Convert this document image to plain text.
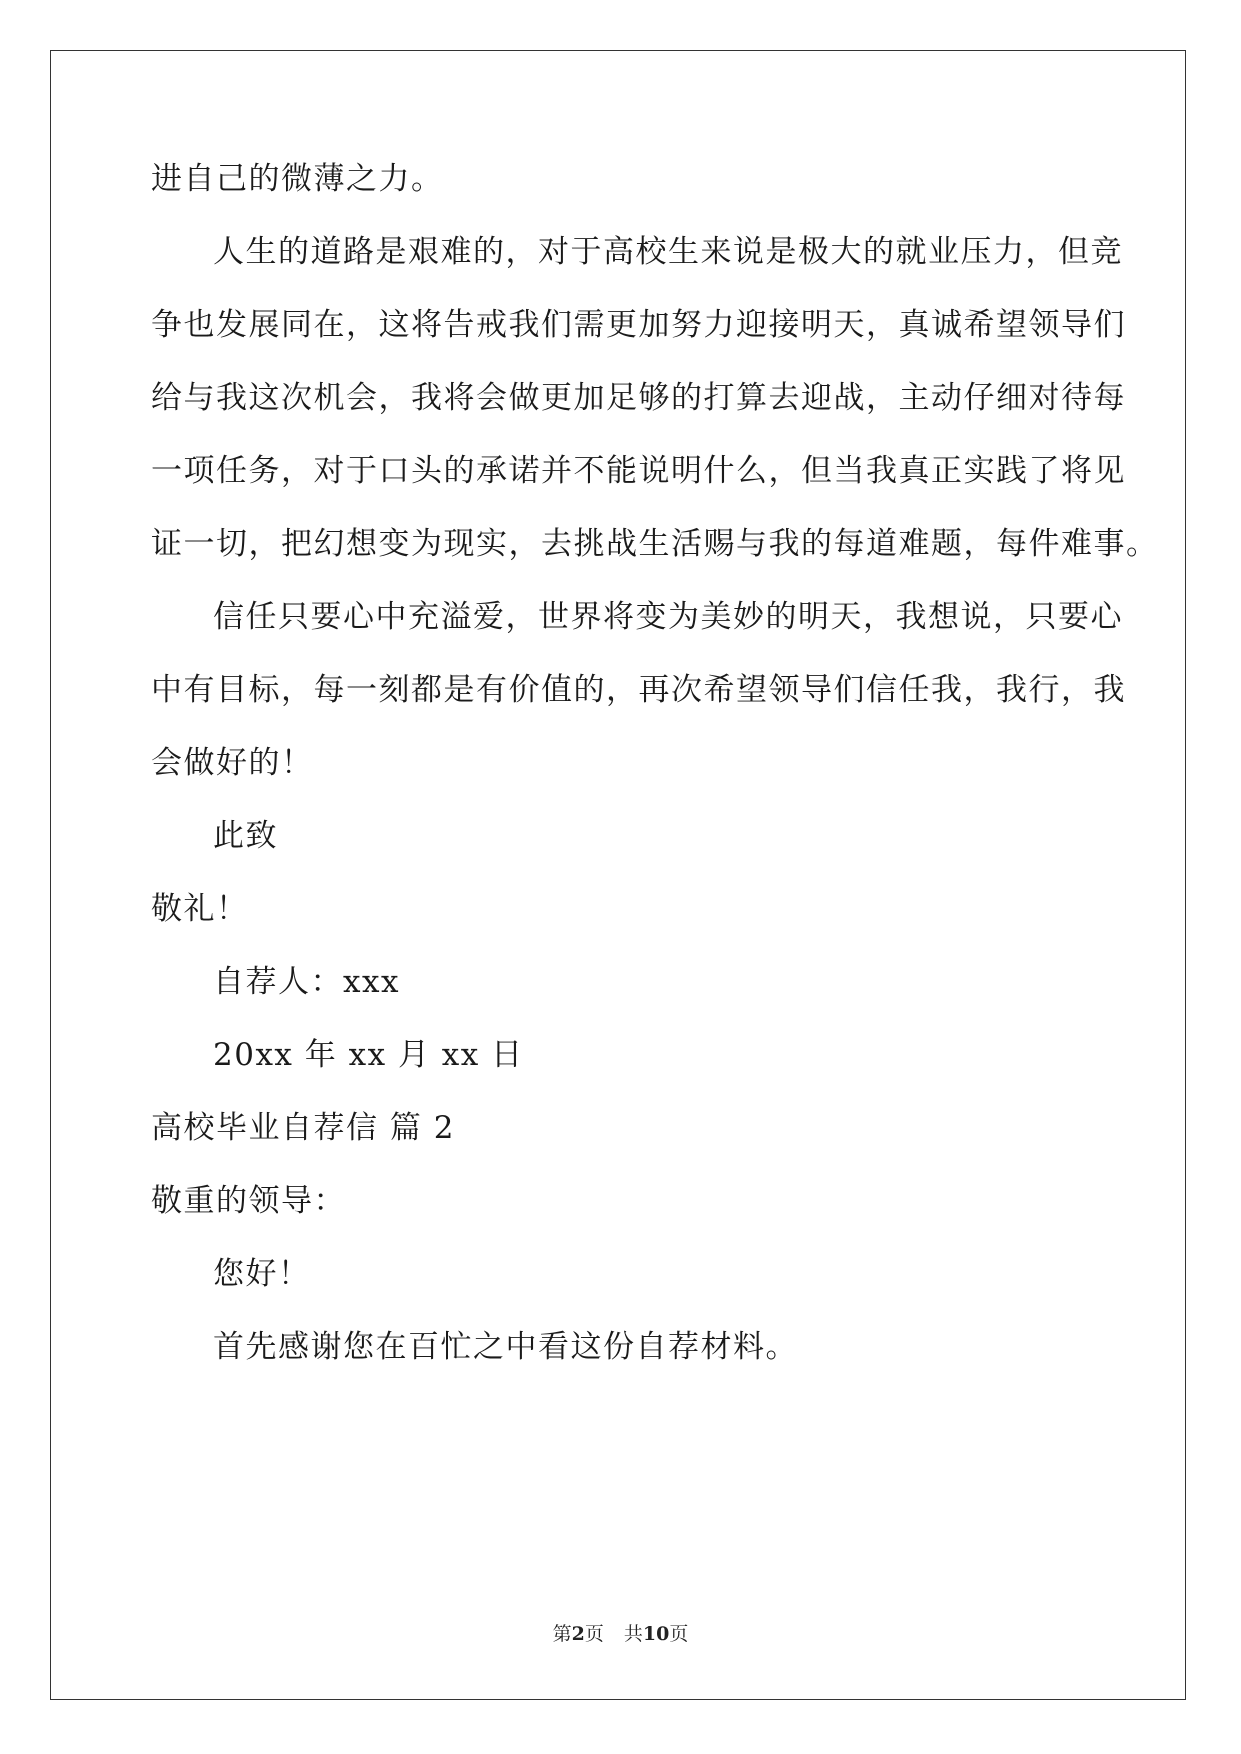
进自己的微薄之力。
人生的道路是艰难的，对于高校生来说是极大的就业压力，但竞
争也发展同在，这将告戒我们需更加努力迎接明天，真诚希望领导们
给与我这次机会，我将会做更加足够的打算去迎战，主动仔细对待每
一项任务，对于口头的承诺并不能说明什么，但当我真正实践了将见
证一切，把幻想变为现实，去挑战生活赐与我的每道难题，每件难事。
信任只要心中充溢爱，世界将变为美妙的明天，我想说，只要心
中有目标，每一刻都是有价值的，再次希望领导们信任我，我行，我
会做好的！
此致
敬礼！
自荐人：xxx
20xx 年 xx 月 xx 日
高校毕业自荐信 篇 2
敬重的领导：
您好！
首先感谢您在百忙之中看这份自荐材料。
第2页 共10页
